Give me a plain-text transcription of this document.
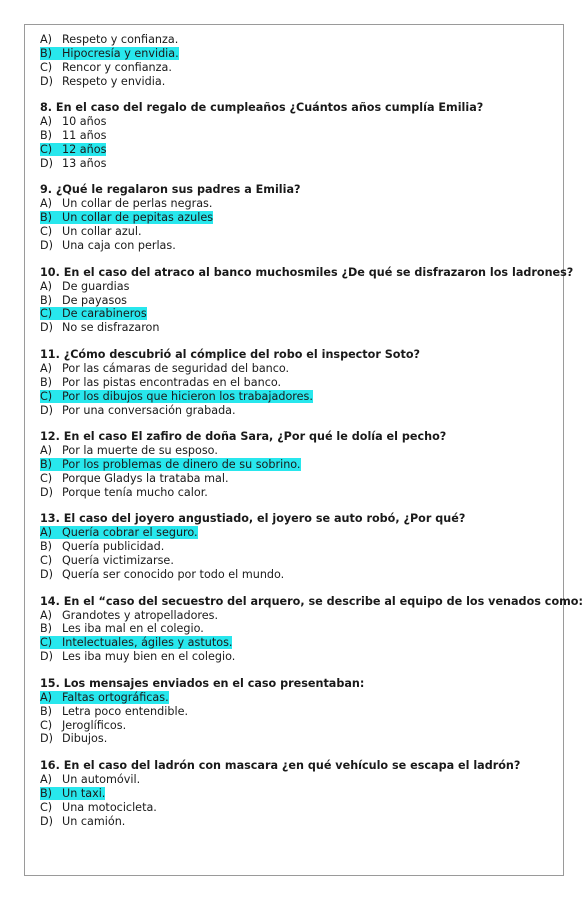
A) Respeto y confianza.
B) Hipocresía y envidia.
C) Rencor y confianza.
D) Respeto y envidia.
8. En el caso del regalo de cumpleaños ¿Cuántos años cumplía Emilia?
A) 10 años
B) 11 años
C) 12 años
D) 13 años
9. ¿Qué le regalaron sus padres a Emilia?
A) Un collar de perlas negras.
B) Un collar de pepitas azules
C) Un collar azul.
D) Una caja con perlas.
10. En el caso del atraco al banco muchosmiles ¿De qué se disfrazaron los ladrones?
A) De guardias
B) De payasos
C) De carabineros
D) No se disfrazaron
11. ¿Cómo descubrió al cómplice del robo el inspector Soto?
A) Por las cámaras de seguridad del banco.
B) Por las pistas encontradas en el banco.
C) Por los dibujos que hicieron los trabajadores.
D) Por una conversación grabada.
12. En el caso El zafiro de doña Sara, ¿Por qué le dolía el pecho?
A) Por la muerte de su esposo.
B) Por los problemas de dinero de su sobrino.
C) Porque Gladys la trataba mal.
D) Porque tenía mucho calor.
13. El caso del joyero angustiado, el joyero se auto robó, ¿Por qué?
A) Quería cobrar el seguro.
B) Quería publicidad.
C) Quería victimizarse.
D) Quería ser conocido por todo el mundo.
14. En el “caso del secuestro del arquero, se describe al equipo de los venados como:
A) Grandotes y atropelladores.
B) Les iba mal en el colegio.
C) Intelectuales, ágiles y astutos.
D) Les iba muy bien en el colegio.
15. Los mensajes enviados en el caso presentaban:
A) Faltas ortográficas.
B) Letra poco entendible.
C) Jeroglíficos.
D) Dibujos.
16. En el caso del ladrón con mascara ¿en qué vehículo se escapa el ladrón?
A) Un automóvil.
B) Un taxi.
C) Una motocicleta.
D) Un camión.
